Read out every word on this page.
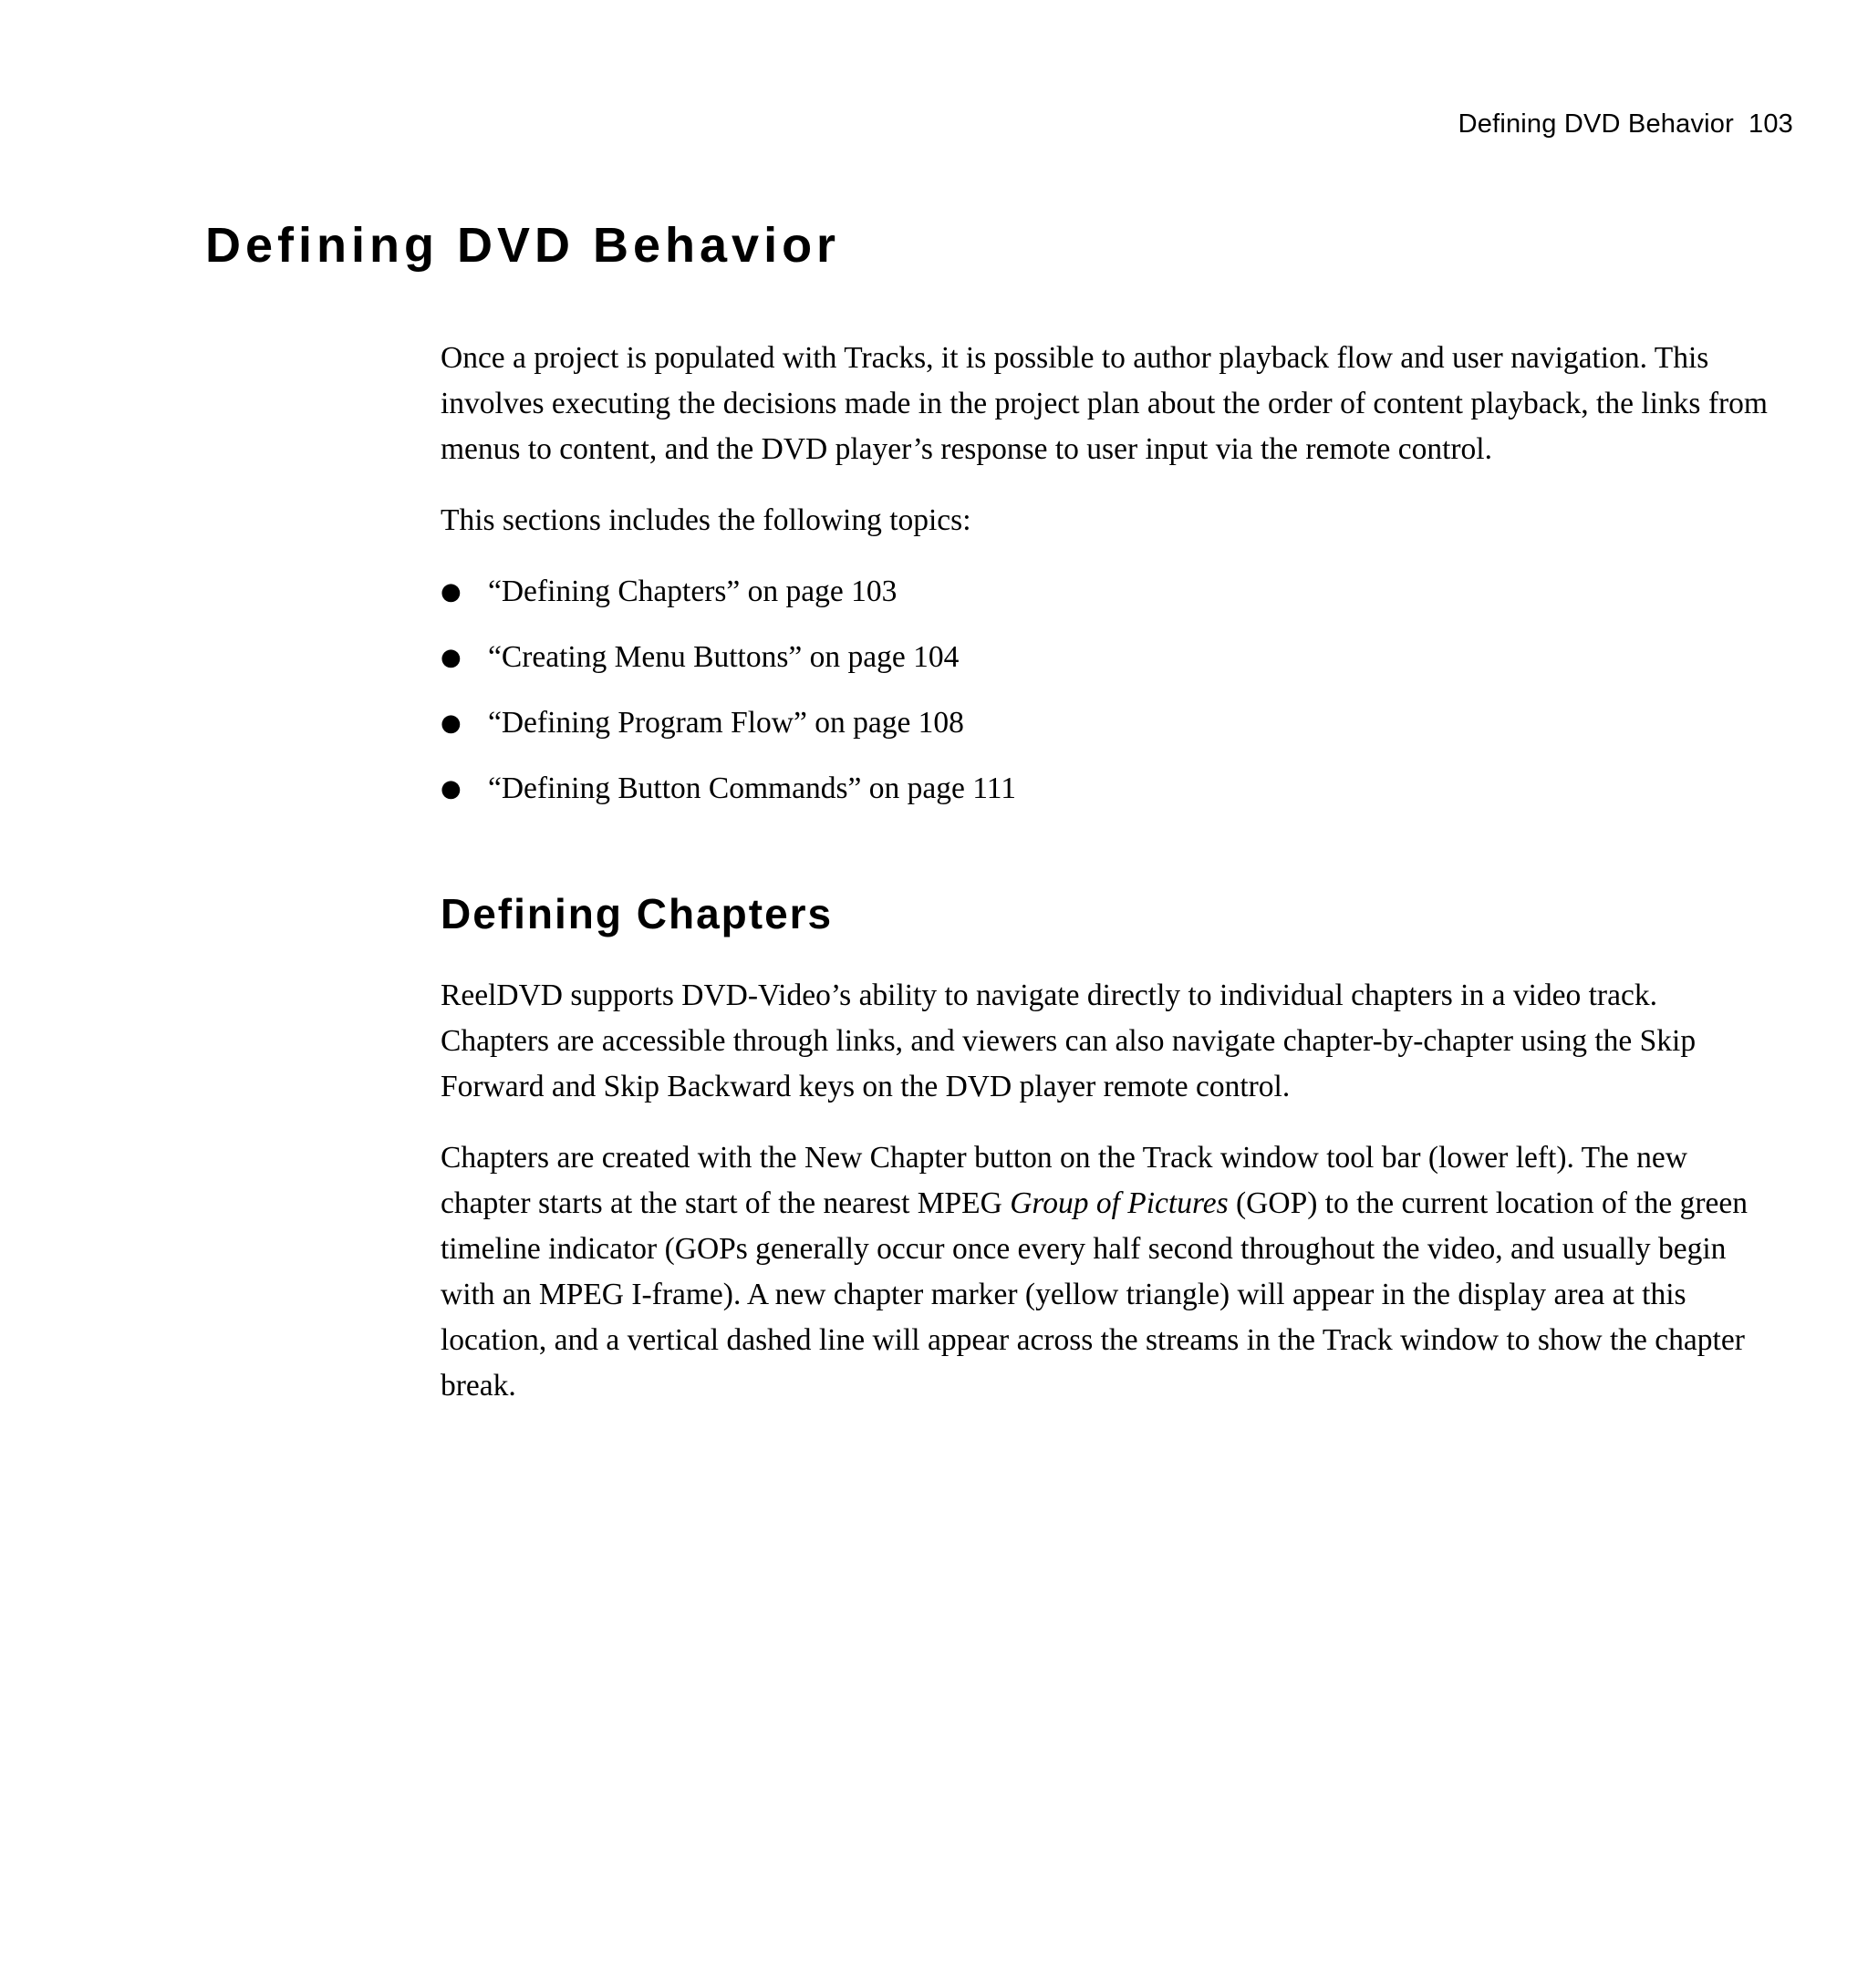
Defining DVD Behavior 103
Defining DVD Behavior

Once a project is populated with Tracks, it is possible to author playback flow and user navigation. This involves executing the decisions made in the project plan about the order of content playback, the links from menus to content, and the DVD player’s response to user input via the remote control.

This sections includes the following topics:

● “Defining Chapters” on page 103
● “Creating Menu Buttons” on page 104
● “Defining Program Flow” on page 108
● “Defining Button Commands” on page 111
Defining Chapters

ReelDVD supports DVD-Video’s ability to navigate directly to individual chapters in a video track. Chapters are accessible through links, and viewers can also navigate chapter-by-chapter using the Skip Forward and Skip Backward keys on the DVD player remote control.

Chapters are created with the New Chapter button on the Track window tool bar (lower left). The new chapter starts at the start of the nearest MPEG Group of Pictures (GOP) to the current location of the green timeline indicator (GOPs generally occur once every half second throughout the video, and usually begin with an MPEG I-frame). A new chapter marker (yellow triangle) will appear in the display area at this location, and a vertical dashed line will appear across the streams in the Track window to show the chapter break.
